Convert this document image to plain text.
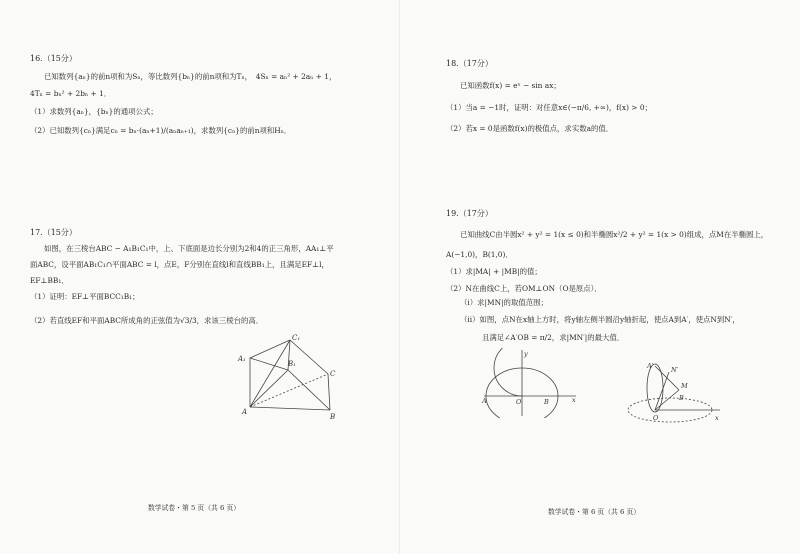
16.（15分）
已知数列{aₙ}的前n项和为Sₙ，等比数列{bₙ}的前n项和为Tₙ，　4Sₙ = aₙ² + 2aₙ + 1，
4Tₙ = bₙ² + 2bₙ + 1．
（1）求数列{aₙ}，{bₙ}的通项公式；
（2）已知数列{cₙ}满足cₙ = bₙ·(aₙ+1)/(aₙaₙ₊₁)，求数列{cₙ}的前n项和Hₙ．
17.（15分）
如图，在三棱台ABC − A₁B₁C₁中，上、下底面是边长分别为2和4的正三角形，AA₁⊥平
面ABC，设平面AB₁C₁∩平面ABC = l，点E，F分别在直线l和直线BB₁上，且满足EF⊥l，
EF⊥BB₁．
（1）证明：EF⊥平面BCC₁B₁；
（2）若直线EF和平面ABC所成角的正弦值为√3/3，求该三棱台的高．
A₁
C₁
B₁
C
A
B
数学试卷・第 5 页（共 6 页）
18.（17分）
已知函数f(x) = eˣ − sin ax；
（1）当a = −1时，证明：对任意x∈(−π/6, +∞)，f(x) > 0；
（2）若x = 0是函数f(x)的极值点，求实数a的值．
19.（17分）
已知曲线C由半圆x² + y² = 1(x ≤ 0)和半椭圆x²/2 + y² = 1(x > 0)组成，点M在半椭圆上，
A(−1,0)，B(1,0)．
（1）求|MA| + |MB|的值；
（2）N在曲线C上，若OM⊥ON（O是原点）．
（i）求|MN|的取值范围；
（ii）如图，点N在x轴上方时，将y轴左侧半圆沿y轴折起，使点A到A′，使点N到N′，
且满足∠A′OB = π/2，求|MN′|的最大值．
y
A	O	B	x
A′	N′
B
M
O	x
数学试卷・第 6 页（共 6 页）
